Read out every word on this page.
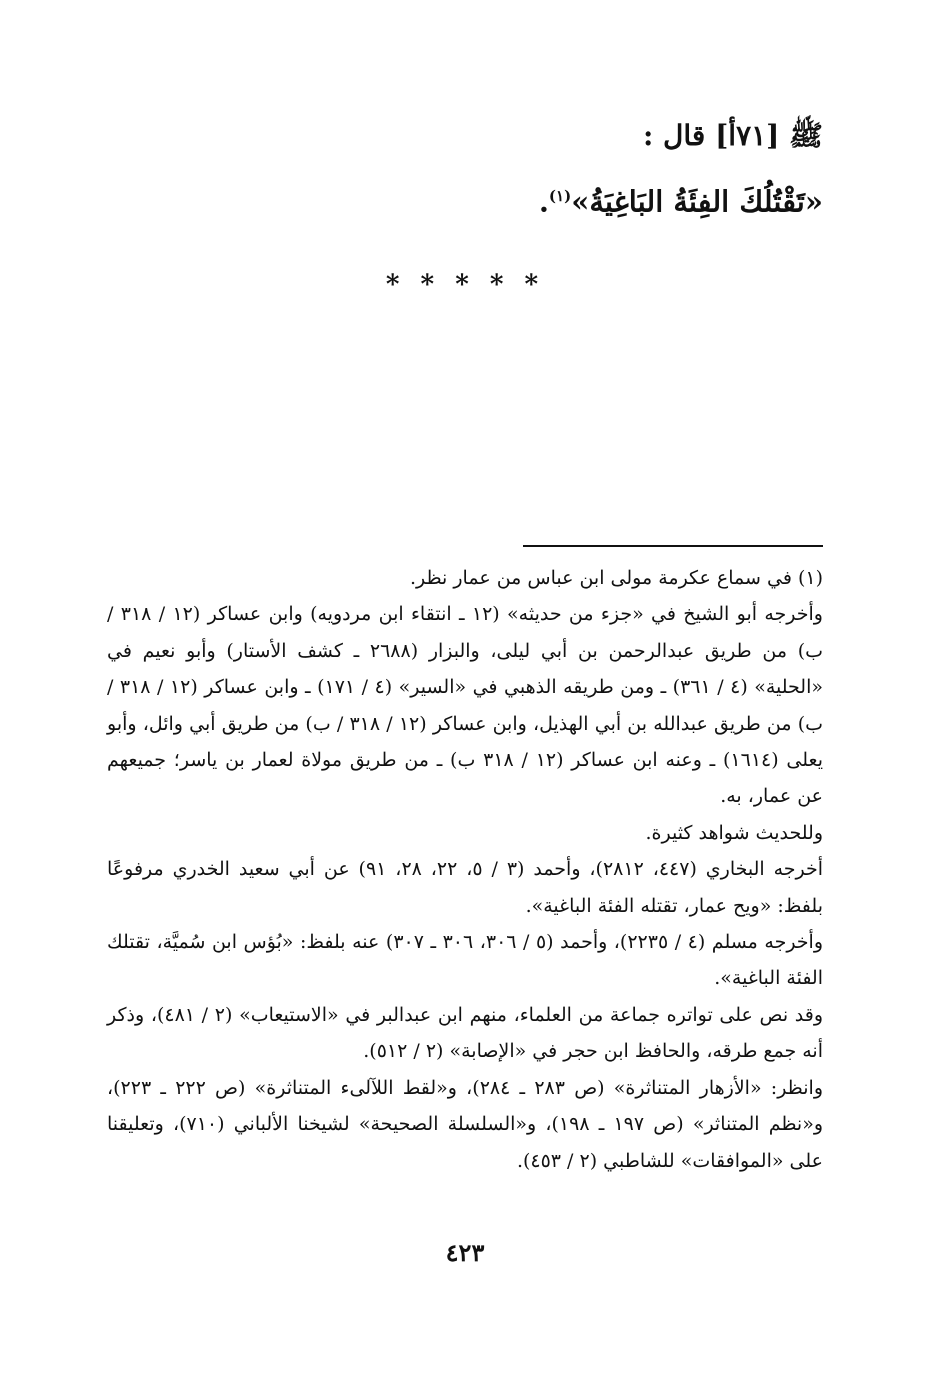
ﷺ [٧١أ] قال :
«تَقْتُلُكَ الفِئَةُ البَاغِيَةُ»$^{(١)}$.
* * * * *

(١) في سماع عكرمة مولى ابن عباس من عمار نظر.

وأخرجه أبو الشيخ في «جزء من حديثه» (١٢ ـ انتقاء ابن مردويه) وابن عساكر (١٢ / ٣١٨ / ب) من طريق عبدالرحمن بن أبي ليلى، والبزار (٢٦٨٨ ـ كشف الأستار) وأبو نعيم في «الحلية» (٤ / ٣٦١) ـ ومن طريقه الذهبي في «السير» (٤ / ١٧١) ـ وابن عساكر (١٢ / ٣١٨ / ب) من طريق عبدالله بن أبي الهذيل، وابن عساكر (١٢ / ٣١٨ / ب) من طريق أبي وائل، وأبو يعلى (١٦١٤) ـ وعنه ابن عساكر (١٢ / ٣١٨ ب) ـ من طريق مولاة لعمار بن ياسر؛ جميعهم عن عمار، به.

وللحديث شواهد كثيرة.

أخرجه البخاري (٤٤٧، ٢٨١٢)، وأحمد (٣ / ٥، ٢٢، ٢٨، ٩١) عن أبي سعيد الخدري مرفوعًا بلفظ: «ويح عمار، تقتله الفئة الباغية».

وأخرجه مسلم (٤ / ٢٢٣٥)، وأحمد (٥ / ٣٠٦، ٣٠٦ ـ ٣٠٧) عنه بلفظ: «بُؤس ابن سُميَّة، تقتلك الفئة الباغية».

وقد نص على تواتره جماعة من العلماء، منهم ابن عبدالبر في «الاستيعاب» (٢ / ٤٨١)، وذكر أنه جمع طرقه، والحافظ ابن حجر في «الإصابة» (٢ / ٥١٢).

وانظر: «الأزهار المتناثرة» (ص ٢٨٣ ـ ٢٨٤)، و«لقط اللآلىء المتناثرة» (ص ٢٢٢ ـ ٢٢٣)، و«نظم المتناثر» (ص ١٩٧ ـ ١٩٨)، و«السلسلة الصحيحة» لشيخنا الألباني (٧١٠)، وتعليقنا على «الموافقات» للشاطبي (٢ / ٤٥٣).

٤٢٣
